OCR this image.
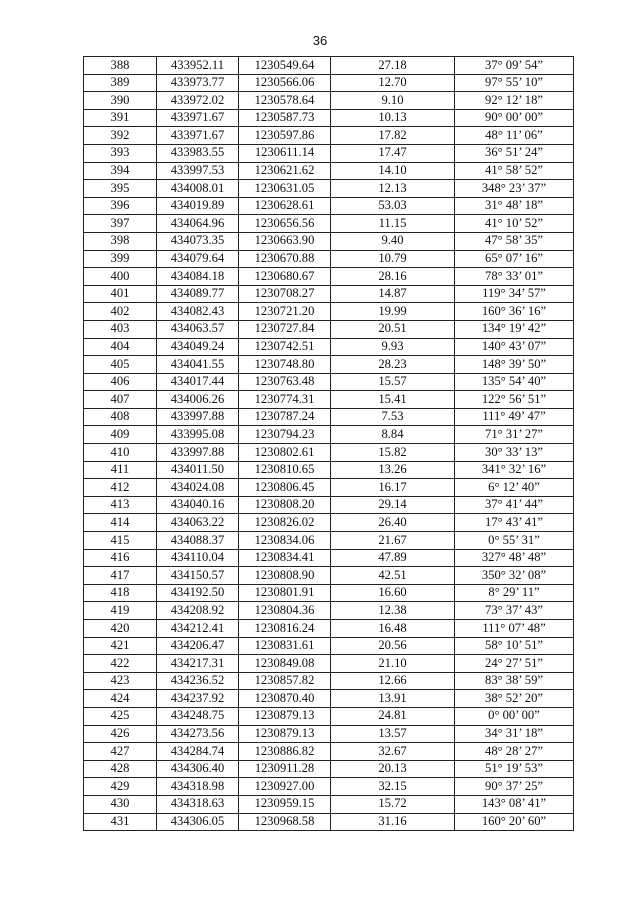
36
388	433952.11	1230549.64	27.18	37° 09’ 54”
389	433973.77	1230566.06	12.70	97° 55’ 10”
390	433972.02	1230578.64	9.10	92° 12’ 18”
391	433971.67	1230587.73	10.13	90° 00’ 00”
392	433971.67	1230597.86	17.82	48° 11’ 06”
393	433983.55	1230611.14	17.47	36° 51’ 24”
394	433997.53	1230621.62	14.10	41° 58’ 52”
395	434008.01	1230631.05	12.13	348° 23’ 37”
396	434019.89	1230628.61	53.03	31° 48’ 18”
397	434064.96	1230656.56	11.15	41° 10’ 52”
398	434073.35	1230663.90	9.40	47° 58’ 35”
399	434079.64	1230670.88	10.79	65° 07’ 16”
400	434084.18	1230680.67	28.16	78° 33’ 01”
401	434089.77	1230708.27	14.87	119° 34’ 57”
402	434082.43	1230721.20	19.99	160° 36’ 16”
403	434063.57	1230727.84	20.51	134° 19’ 42”
404	434049.24	1230742.51	9.93	140° 43’ 07”
405	434041.55	1230748.80	28.23	148° 39’ 50”
406	434017.44	1230763.48	15.57	135° 54’ 40”
407	434006.26	1230774.31	15.41	122° 56’ 51”
408	433997.88	1230787.24	7.53	111° 49’ 47”
409	433995.08	1230794.23	8.84	71° 31’ 27”
410	433997.88	1230802.61	15.82	30° 33’ 13”
411	434011.50	1230810.65	13.26	341° 32’ 16”
412	434024.08	1230806.45	16.17	6° 12’ 40”
413	434040.16	1230808.20	29.14	37° 41’ 44”
414	434063.22	1230826.02	26.40	17° 43’ 41”
415	434088.37	1230834.06	21.67	0° 55’ 31”
416	434110.04	1230834.41	47.89	327° 48’ 48”
417	434150.57	1230808.90	42.51	350° 32’ 08”
418	434192.50	1230801.91	16.60	8° 29’ 11”
419	434208.92	1230804.36	12.38	73° 37’ 43”
420	434212.41	1230816.24	16.48	111° 07’ 48”
421	434206.47	1230831.61	20.56	58° 10’ 51”
422	434217.31	1230849.08	21.10	24° 27’ 51”
423	434236.52	1230857.82	12.66	83° 38’ 59”
424	434237.92	1230870.40	13.91	38° 52’ 20”
425	434248.75	1230879.13	24.81	0° 00’ 00”
426	434273.56	1230879.13	13.57	34° 31’ 18”
427	434284.74	1230886.82	32.67	48° 28’ 27”
428	434306.40	1230911.28	20.13	51° 19’ 53”
429	434318.98	1230927.00	32.15	90° 37’ 25”
430	434318.63	1230959.15	15.72	143° 08’ 41”
431	434306.05	1230968.58	31.16	160° 20’ 60”
